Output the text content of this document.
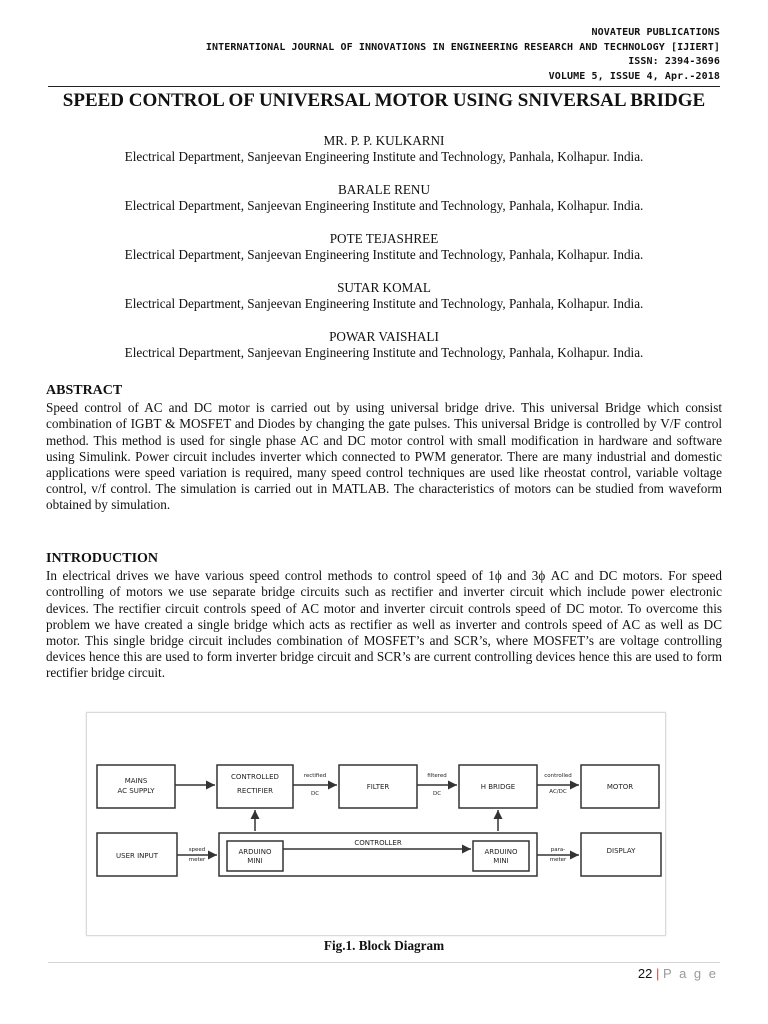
NOVATEUR PUBLICATIONS
INTERNATIONAL JOURNAL OF INNOVATIONS IN ENGINEERING RESEARCH AND TECHNOLOGY [IJIERT]
ISSN: 2394-3696
VOLUME 5, ISSUE 4, Apr.-2018
SPEED CONTROL OF UNIVERSAL MOTOR USING SNIVERSAL BRIDGE
MR. P. P. KULKARNI
Electrical Department, Sanjeevan Engineering Institute and Technology, Panhala, Kolhapur. India.
BARALE RENU
Electrical Department, Sanjeevan Engineering Institute and Technology, Panhala, Kolhapur. India.
POTE TEJASHREE
Electrical Department, Sanjeevan Engineering Institute and Technology, Panhala, Kolhapur. India.
SUTAR KOMAL
Electrical Department, Sanjeevan Engineering Institute and Technology, Panhala, Kolhapur. India.
POWAR VAISHALI
Electrical Department, Sanjeevan Engineering Institute and Technology, Panhala, Kolhapur. India.
ABSTRACT

Speed control of AC and DC motor is carried out by using universal bridge drive. This universal Bridge which consist combination of IGBT & MOSFET and Diodes by changing the gate pulses. This universal Bridge is controlled by V/F control method. This method is used for single phase AC and DC motor control with small modification in hardware and software using Simulink. Power circuit includes inverter which connected to PWM generator. There are many industrial and domestic applications were speed variation is required, many speed control techniques are used like rheostat control, variable voltage control, v/f control. The simulation is carried out in MATLAB. The characteristics of motors can be studied from waveform obtained by simulation.

INTRODUCTION

In electrical drives we have various speed control methods to control speed of 1ϕ and 3ϕ AC and DC motors. For speed controlling of motors we use separate bridge circuits such as rectifier and inverter circuit which include power electronic devices. The rectifier circuit controls speed of AC motor and inverter circuit controls speed of DC motor. To overcome this problem we have created a single bridge which acts as rectifier as well as inverter and controls speed of AC as well as DC motor. This single bridge circuit includes combination of MOSFET’s and SCR’s, where MOSFET’s are voltage controlling devices hence this are used to form inverter bridge circuit and SCR’s are current controlling devices hence this are used to form rectifier bridge circuit.

MAINS
AC SUPPLY
CONTROLLED
RECTIFIER	FILTER	H BRIDGE	MOTOR
USER INPUT
CONTROLLER
ARDUINO
MINI
ARDUINO
MINI
DISPLAY
rectified
DC
filtered
DC
controlled
AC/DC
speed
meter
para-
meter
Fig.1. Block Diagram
22 | P a g e
